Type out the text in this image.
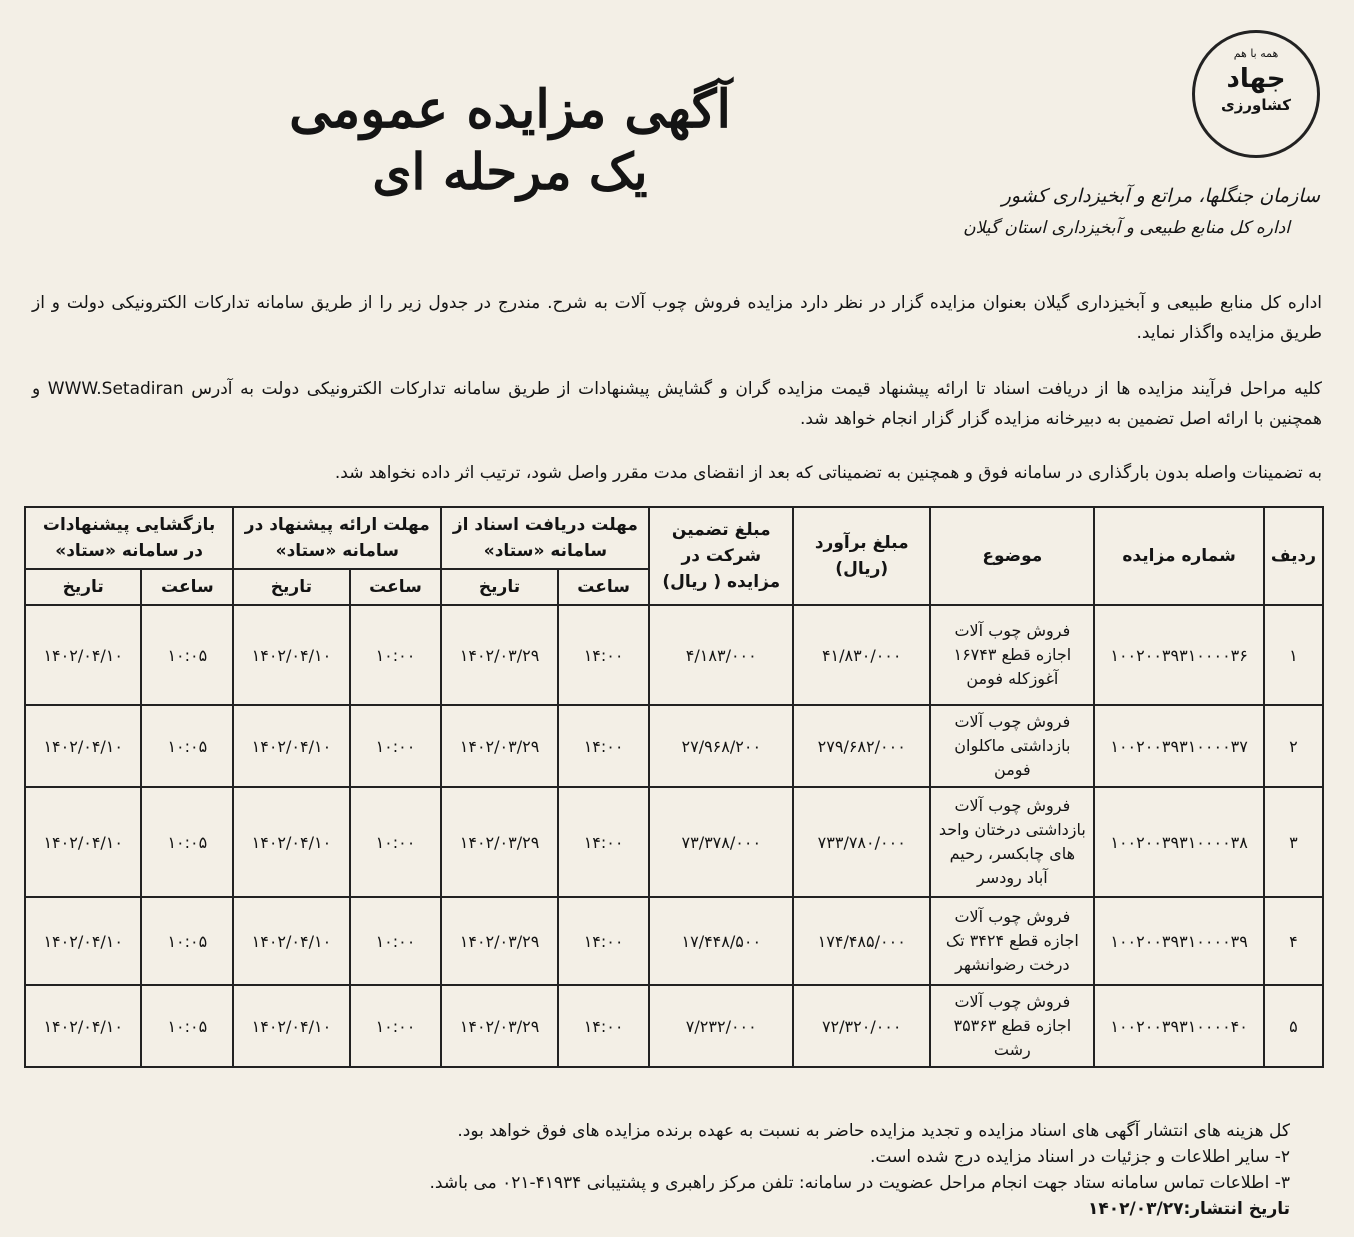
همه با هم
جهاد
کشاورزی
سازمان جنگلها، مراتع و آبخیزداری کشور
اداره کل منابع طبیعی و آبخیزداری استان گیلان
آگهی مزایده عمومی
یک مرحله ای
اداره کل منابع طبیعی و آبخیزداری گیلان بعنوان مزایده گزار در نظر دارد مزایده فروش چوب آلات به شرح. مندرج در جدول زیر را از طریق سامانه تدارکات الکترونیکی دولت و از طریق مزایده واگذار نماید.
کلیه مراحل فرآیند مزایده ها از دریافت اسناد تا ارائه پیشنهاد قیمت مزایده گران و گشایش پیشنهادات از طریق سامانه تدارکات الکترونیکی دولت به آدرس WWW.Setadiran و همچنین با ارائه اصل تضمین به دبیرخانه مزایده گزار گزار انجام خواهد شد.
به تضمینات واصله بدون بارگذاری در سامانه فوق و همچنین به تضمیناتی که بعد از انقضای مدت مقرر واصل شود، ترتیب اثر داده نخواهد شد.
ردیف	شماره مزایده	موضوع	مبلغ برآورد (ریال)	مبلغ تضمین شرکت در مزایده ( ریال)	مهلت دریافت اسناد از سامانه «ستاد»		مهلت ارائه پیشنهاد در سامانه «ستاد»		بازگشایی پیشنهادات در سامانه «ستاد»	
					ساعت	تاریخ	ساعت	تاریخ	ساعت	تاریخ
۱	۱۰۰۲۰۰۳۹۳۱۰۰۰۰۳۶	فروش چوب آلات اجازه قطع ۱۶۷۴۳ آغوزکله فومن	۴۱/۸۳۰/۰۰۰	۴/۱۸۳/۰۰۰	۱۴:۰۰	۱۴۰۲/۰۳/۲۹	۱۰:۰۰	۱۴۰۲/۰۴/۱۰	۱۰:۰۵	۱۴۰۲/۰۴/۱۰
۲	۱۰۰۲۰۰۳۹۳۱۰۰۰۰۳۷	فروش چوب آلات بازداشتی ماکلوان فومن	۲۷۹/۶۸۲/۰۰۰	۲۷/۹۶۸/۲۰۰	۱۴:۰۰	۱۴۰۲/۰۳/۲۹	۱۰:۰۰	۱۴۰۲/۰۴/۱۰	۱۰:۰۵	۱۴۰۲/۰۴/۱۰
۳	۱۰۰۲۰۰۳۹۳۱۰۰۰۰۳۸	فروش چوب آلات بازداشتی درختان واحد های چابکسر، رحیم آباد رودسر	۷۳۳/۷۸۰/۰۰۰	۷۳/۳۷۸/۰۰۰	۱۴:۰۰	۱۴۰۲/۰۳/۲۹	۱۰:۰۰	۱۴۰۲/۰۴/۱۰	۱۰:۰۵	۱۴۰۲/۰۴/۱۰
۴	۱۰۰۲۰۰۳۹۳۱۰۰۰۰۳۹	فروش چوب آلات اجازه قطع ۳۴۲۴ تک درخت رضوانشهر	۱۷۴/۴۸۵/۰۰۰	۱۷/۴۴۸/۵۰۰	۱۴:۰۰	۱۴۰۲/۰۳/۲۹	۱۰:۰۰	۱۴۰۲/۰۴/۱۰	۱۰:۰۵	۱۴۰۲/۰۴/۱۰
۵	۱۰۰۲۰۰۳۹۳۱۰۰۰۰۴۰	فروش چوب آلات اجازه قطع ۳۵۳۶۳ رشت	۷۲/۳۲۰/۰۰۰	۷/۲۳۲/۰۰۰	۱۴:۰۰	۱۴۰۲/۰۳/۲۹	۱۰:۰۰	۱۴۰۲/۰۴/۱۰	۱۰:۰۵	۱۴۰۲/۰۴/۱۰
کل هزینه های انتشار آگهی های اسناد مزایده و تجدید مزایده حاضر به نسبت به عهده برنده مزایده های فوق خواهد بود.
۲- سایر اطلاعات و جزئیات در اسناد مزایده درج شده است.
۳- اطلاعات تماس سامانه ستاد جهت انجام مراحل عضویت در سامانه: تلفن مرکز راهبری و پشتیبانی ۴۱۹۳۴-۰۲۱ می باشد.
تاریخ انتشار:۱۴۰۲/۰۳/۲۷
